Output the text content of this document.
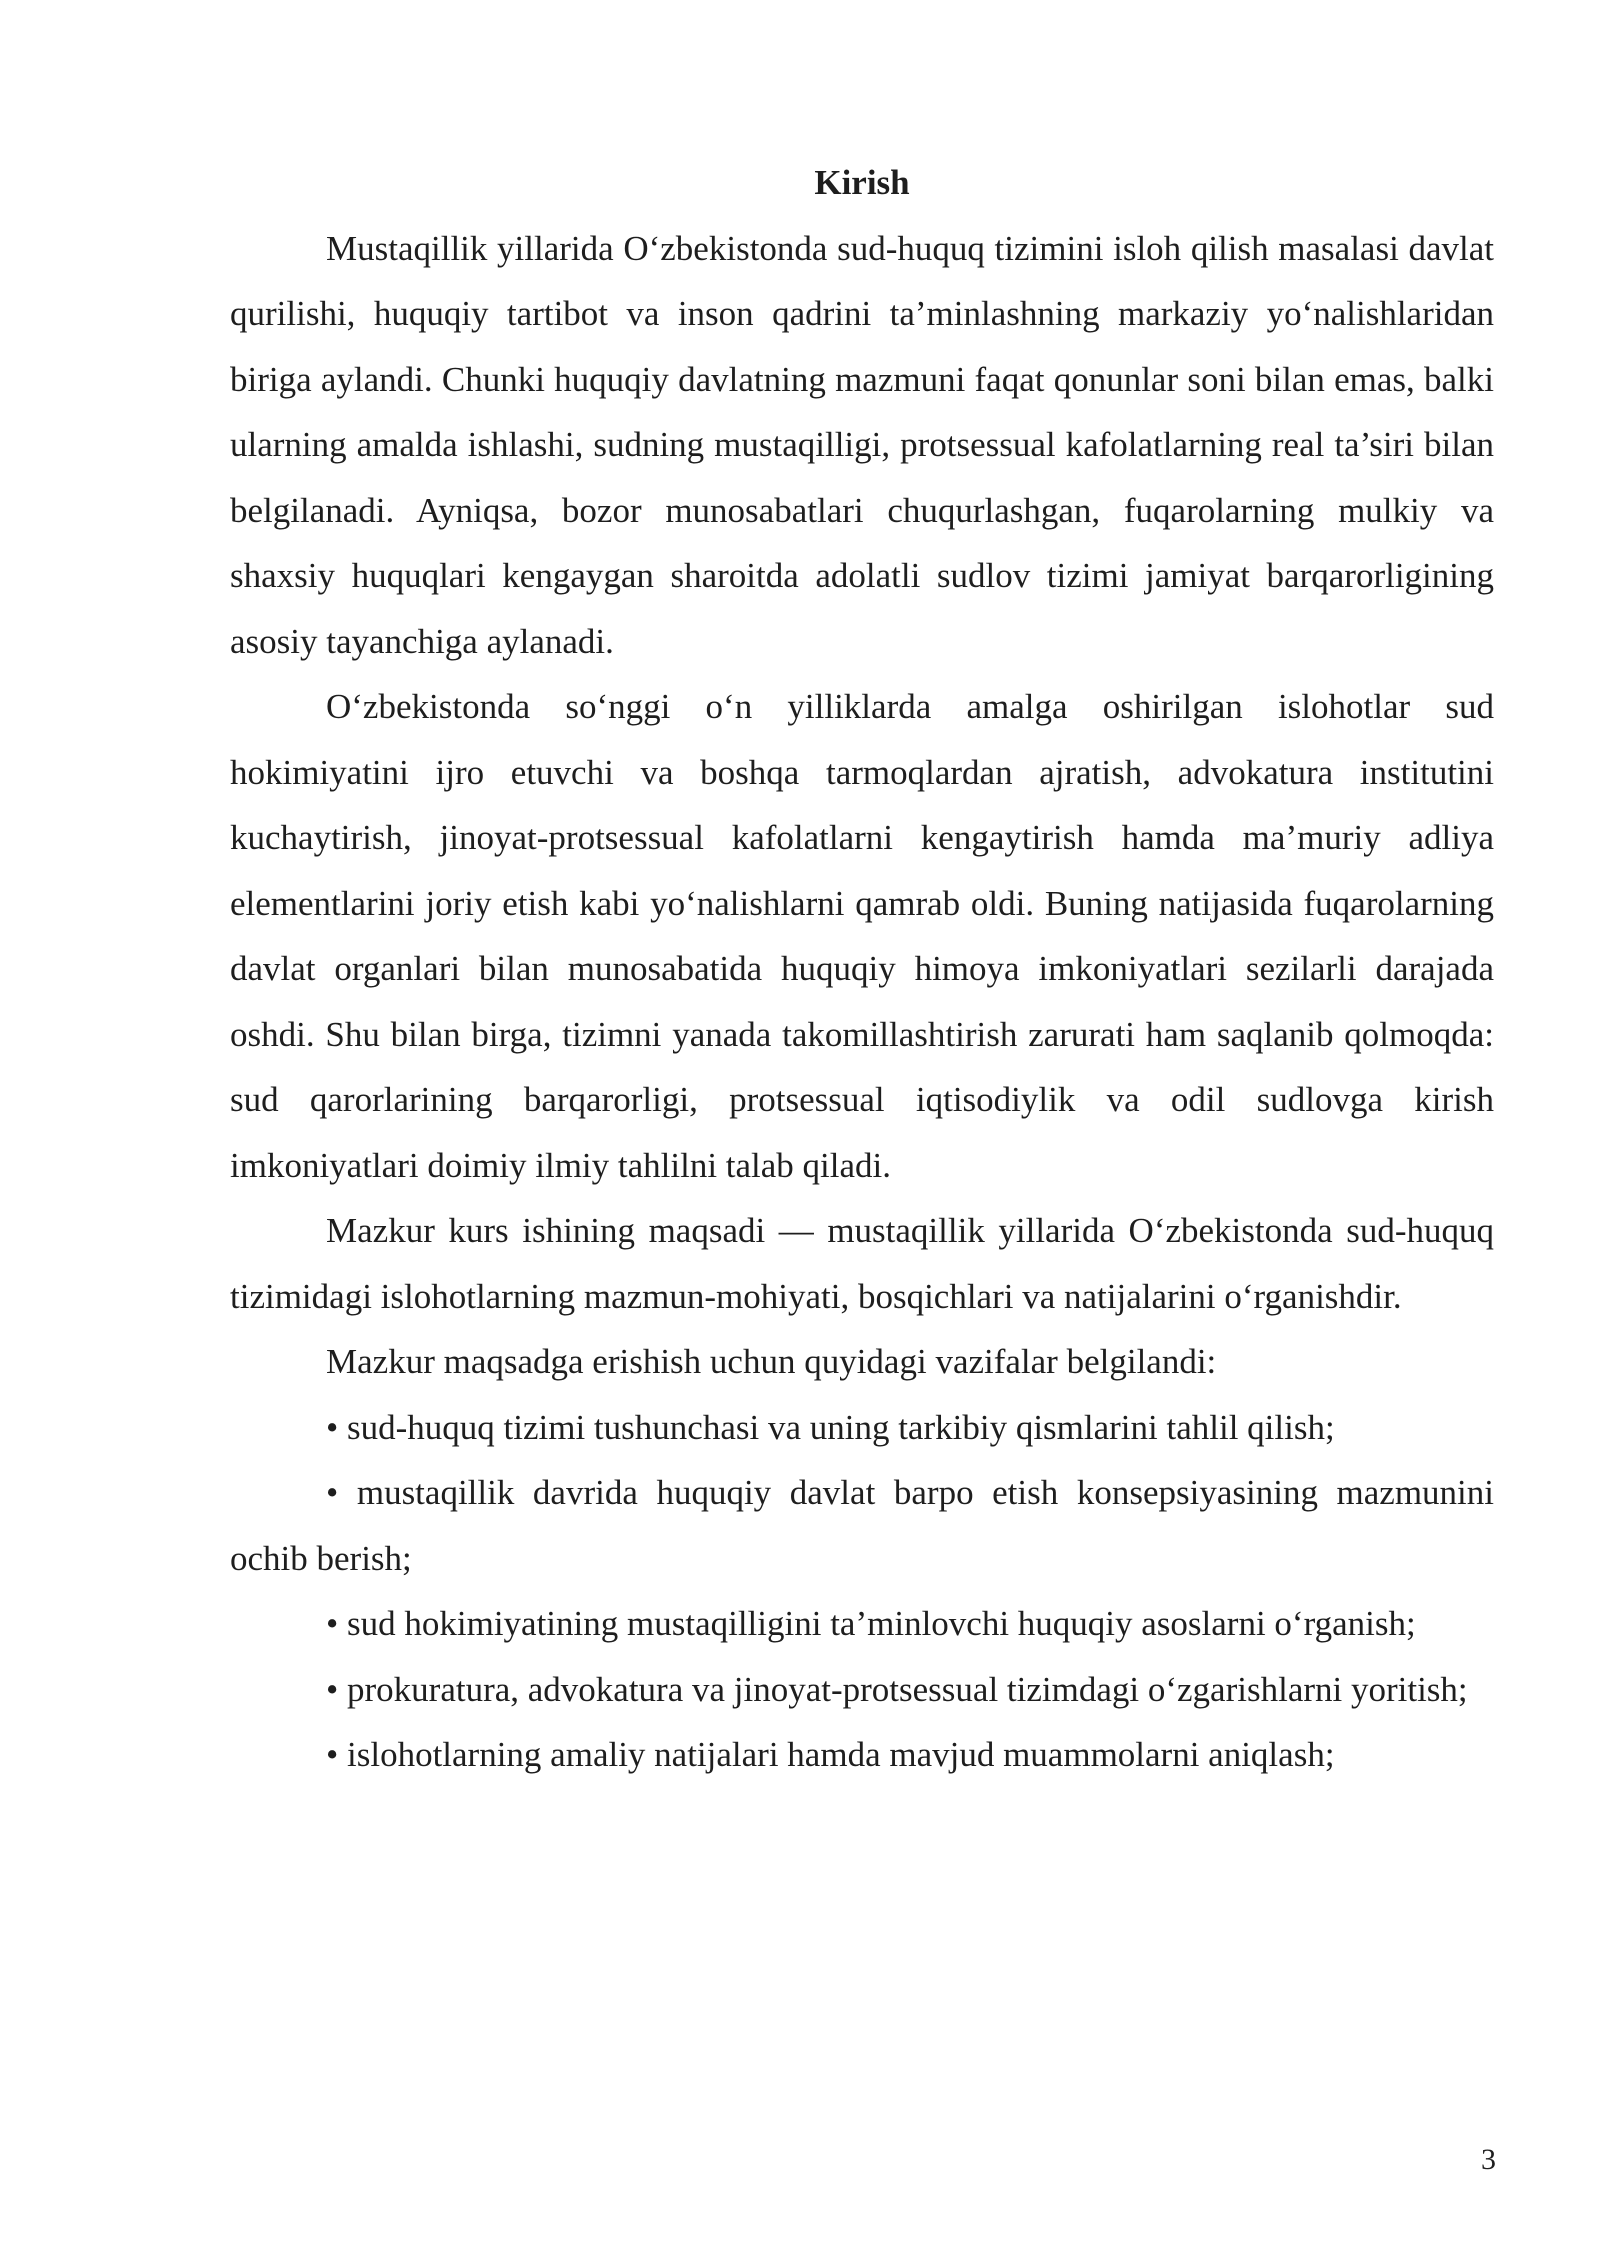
Kirish

Mustaqillik yillarida O‘zbekistonda sud-huquq tizimini isloh qilish masalasi davlat qurilishi, huquqiy tartibot va inson qadrini ta’minlashning markaziy yo‘nalishlaridan biriga aylandi. Chunki huquqiy davlatning mazmuni faqat qonunlar soni bilan emas, balki ularning amalda ishlashi, sudning mustaqilligi, protsessual kafolatlarning real ta’siri bilan belgilanadi. Ayniqsa, bozor munosabatlari chuqurlashgan, fuqarolarning mulkiy va shaxsiy huquqlari kengaygan sharoitda adolatli sudlov tizimi jamiyat barqarorligining asosiy tayanchiga aylanadi.

O‘zbekistonda so‘nggi o‘n yilliklarda amalga oshirilgan islohotlar sud hokimiyatini ijro etuvchi va boshqa tarmoqlardan ajratish, advokatura institutini kuchaytirish, jinoyat-protsessual kafolatlarni kengaytirish hamda ma’muriy adliya elementlarini joriy etish kabi yo‘nalishlarni qamrab oldi. Buning natijasida fuqarolarning davlat organlari bilan munosabatida huquqiy himoya imkoniyatlari sezilarli darajada oshdi. Shu bilan birga, tizimni yanada takomillashtirish zarurati ham saqlanib qolmoqda: sud qarorlarining barqarorligi, protsessual iqtisodiylik va odil sudlovga kirish imkoniyatlari doimiy ilmiy tahlilni talab qiladi.

Mazkur kurs ishining maqsadi — mustaqillik yillarida O‘zbekistonda sud-huquq tizimidagi islohotlarning mazmun-mohiyati, bosqichlari va natijalarini o‘rganishdir.

Mazkur maqsadga erishish uchun quyidagi vazifalar belgilandi:

• sud-huquq tizimi tushunchasi va uning tarkibiy qismlarini tahlil qilish;

• mustaqillik davrida huquqiy davlat barpo etish konsepsiyasining mazmunini ochib berish;

• sud hokimiyatining mustaqilligini ta’minlovchi huquqiy asoslarni o‘rganish;

• prokuratura, advokatura va jinoyat-protsessual tizimdagi o‘zgarishlarni yoritish;

• islohotlarning amaliy natijalari hamda mavjud muammolarni aniqlash;

3
